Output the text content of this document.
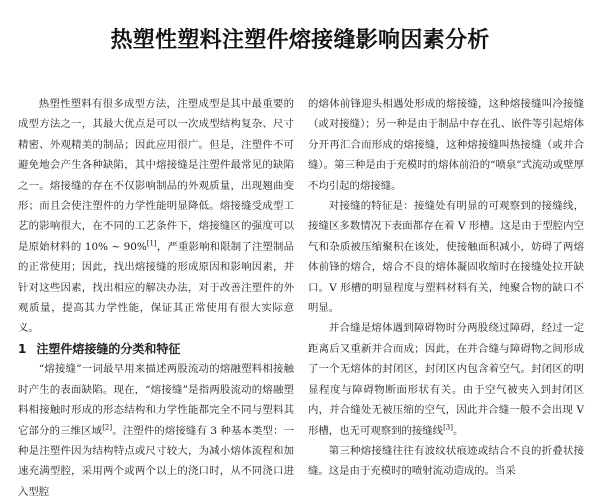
热塑性塑料注塑件熔接缝影响因素分析

热塑性塑料有很多成型方法，注塑成型是其中最重要的成型方法之一，其最大优点是可以一次成型结构复杂、尺寸精密、外观精美的制品；因此应用很广。但是，注塑件不可避免地会产生各种缺陷，其中熔接缝是注塑件最常见的缺陷之一。熔接缝的存在不仅影响制品的外观质量，出现翘曲变形；而且会使注塑件的力学性能明显降低。熔接缝受成型工艺的影响很大，在不同的工艺条件下，熔接缝区的强度可以是原始材料的 10% ~ 90%[1]，严重影响和限制了注塑制品的正常使用；因此，找出熔接缝的形成原因和影响因素，并针对这些因素，找出相应的解决办法，对于改善注塑件的外观质量，提高其力学性能，保证其正常使用有很大实际意义。

1 注塑件熔接缝的分类和特征

“熔接缝”一词最早用来描述两股流动的熔融塑料相接触时产生的表面缺陷。现在，“熔接缝”是指两股流动的熔融塑料相接触时形成的形态结构和力学性能都完全不同与塑料其它部分的三维区域[2]。注塑件的熔接缝有 3 种基本类型：一种是注塑件因为结构特点或尺寸较大，为减小熔体流程和加速充满型腔，采用两个或两个以上的浇口时，从不同浇口进入型腔

的熔体前锋迎头相遇处形成的熔接缝，这种熔接缝叫冷接缝（或对接缝）；另一种是由于制品中存在孔、嵌件等引起熔体分开再汇合而形成的熔接缝，这种熔接缝叫热接缝（或并合缝）。第三种是由于充模时的熔体前沿的“喷泉”式流动或壁厚不均引起的熔接缝。

对接缝的特征是：接缝处有明显的可观察到的接缝线，接缝区多数情况下表面都存在着 V 形槽。这是由于型腔内空气和杂质被压缩聚积在该处，使接触面积减小，妨碍了两熔体前锋的熔合，熔合不良的熔体凝固收缩时在接缝处拉开缺口。V 形槽的明显程度与塑料材料有关，纯聚合物的缺口不明显。

并合缝是熔体遇到障碍物时分两股绕过障碍，经过一定距离后又重新并合而成；因此，在并合缝与障碍物之间形成了一个无熔体的封闭区，封闭区内包含着空气。封闭区的明显程度与障碍物断面形状有关。由于空气被夹入到封闭区内，并合缝处无被压缩的空气，因此并合缝一般不会出现 V 形槽，也无可观察到的接缝线[3]。

第三种熔接缝往往有波纹状痕迹或结合不良的折叠状接缝。这是由于充模时的喷射流动造成的。当采
